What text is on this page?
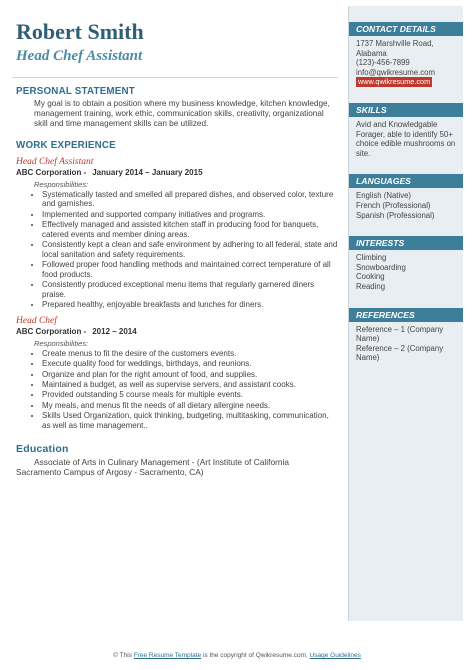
Robert Smith
Head Chef Assistant
PERSONAL STATEMENT
My goal is to obtain a position where my business knowledge, kitchen knowledge, management training, work ethic, communication skills, creativity, organizational skill and time management skills can be utilized.
WORK EXPERIENCE
Head Chef Assistant
ABC Corporation - January 2014 – January 2015
Responsibilities:
• Systematically tasted and smelled all prepared dishes, and observed color, texture and garnishes.
• Implemented and supported company initiatives and programs.
• Effectively managed and assisted kitchen staff in producing food for banquets, catered events and member dining areas.
• Consistently kept a clean and safe environment by adhering to all federal, state and local sanitation and safety requirements.
• Followed proper food handling methods and maintained correct temperature of all food products.
• Consistently produced exceptional menu items that regularly garnered diners praise.
• Prepared healthy, enjoyable breakfasts and lunches for diners.
Head Chef
ABC Corporation - 2012 – 2014
Responsibilities:
• Create menus to fit the desire of the customers events.
• Execute quality food for weddings, birthdays, and reunions.
• Organize and plan for the right amount of food, and supplies.
• Maintained a budget, as well as supervise servers, and assistant cooks.
• Provided outstanding 5 course meals for multiple events.
• My meals, and menus fit the needs of all dietary allergine needs.
• Skills Used Organization, quick thinking, budgeting, multitasking, communication, as well as time management..
Education
Associate of Arts in Culinary Management - (Art Institute of California
Sacramento Campus of Argosy - Sacramento, CA)
CONTACT DETAILS
1737 Marshville Road,
Alabama
(123)-456-7899
info@qwikresume.com
www.qwikresume.com
SKILLS
Avid and Knowledgable Forager, able to identify 50+ choice edible mushrooms on site.
LANGUAGES
English (Native)
French (Professional)
Spanish (Professional)
INTERESTS
Climbing
Snowboarding
Cooking
Reading
REFERENCES
Reference – 1 (Company Name)
Reference – 2 (Company Name)
© This Free Resume Template is the copyright of Qwikresume.com. Usage Guidelines
